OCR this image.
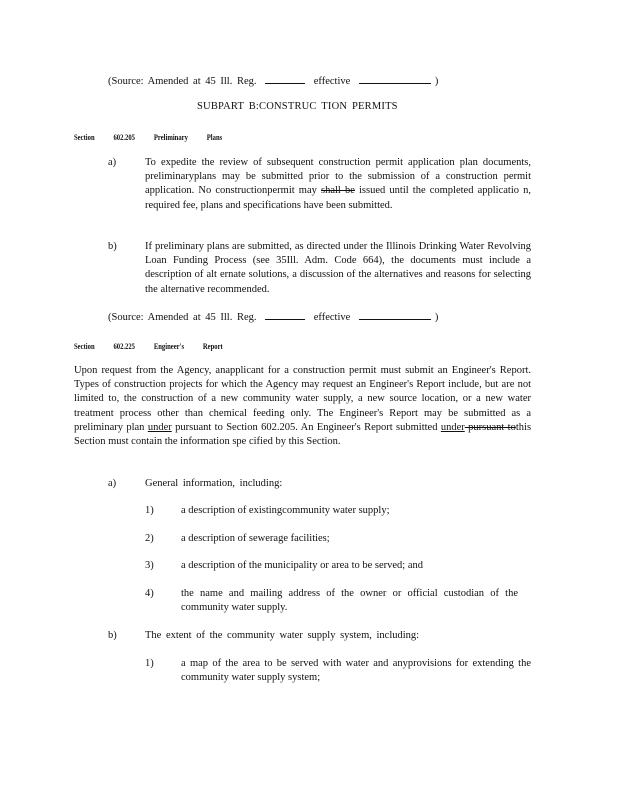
(Source: Amended at 45 Ill. Reg.	effective	)
SUBPART B:CONSTRUC TION PERMITS
Section 602.205 Preliminary Plans
a)	To expedite the review of subsequent construction permit application plan documents, preliminaryplans may be submitted prior to the submission of a construction permit application. No constructionpermit may shall be issued until the completed applicatio n, required fee, plans and specifications have been submitted.
b)	If preliminary plans are submitted, as directed under the Illinois Drinking Water Revolving Loan Funding Process (see 35Ill. Adm. Code 664), the documents must include a description of alt ernate solutions, a discussion of the alternatives and reasons for selecting the alternative recommended.
(Source: Amended at 45 Ill. Reg.	effective	)
Section 602.225 Engineer's Report
Upon request from the Agency, anapplicant for a construction permit must submit an Engineer's Report. Types of construction projects for which the Agency may request an Engineer's Report include, but are not limited to, the construction of a new community water supply, a new source location, or a new water treatment process other than chemical feeding only. The Engineer's Report may be submitted as a preliminary plan under pursuant to Section 602.205. An Engineer's Report submitted under pursuant tothis Section must contain the information spe cified by this Section.
a)	General information, including:
1)	a description of existingcommunity water supply;
2)	a description of sewerage facilities;
3)	a description of the municipality or area to be served; and
4)	the name and mailing address of the owner or official custodian of the community water supply.
b)	The extent of the community water supply system, including:
1)	a map of the area to be served with water and anyprovisions for extending the community water supply system;
